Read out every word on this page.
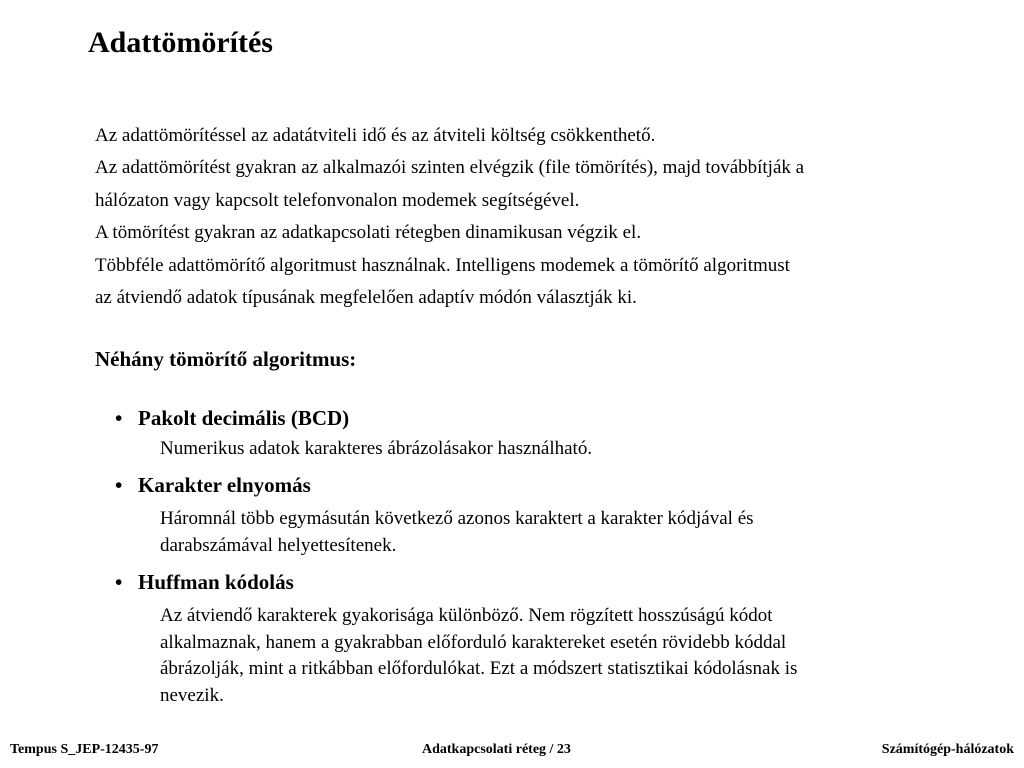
Adattömörítés

Az adattömörítéssel az adatátviteli idő és az átviteli költség csökkenthető.

Az adattömörítést gyakran az alkalmazói szinten elvégzik (file tömörítés), majd továbbítják a

hálózaton vagy kapcsolt telefonvonalon modemek segítségével.

A tömörítést gyakran az adatkapcsolati rétegben dinamikusan végzik el.

Többféle adattömörítő algoritmust használnak. Intelligens modemek a tömörítő algoritmust

az átviendő adatok típusának megfelelően adaptív módón választják ki.

Néhány tömörítő algoritmus:
• Pakolt decimális (BCD)

Numerikus adatok karakteres ábrázolásakor használható.

• Karakter elnyomás

Háromnál több egymásután következő azonos karaktert a karakter kódjával és

darabszámával helyettesítenek.

• Huffman kódolás

Az átviendő karakterek gyakorisága különböző. Nem rögzített hosszúságú kódot

alkalmaznak, hanem a gyakrabban előforduló karaktereket esetén rövidebb kóddal

ábrázolják, mint a ritkábban előfordulókat. Ezt a módszert statisztikai kódolásnak is

nevezik.

Tempus S_JEP-12435-97	Adatkapcsolati réteg / 23	Számítógép-hálózatok
